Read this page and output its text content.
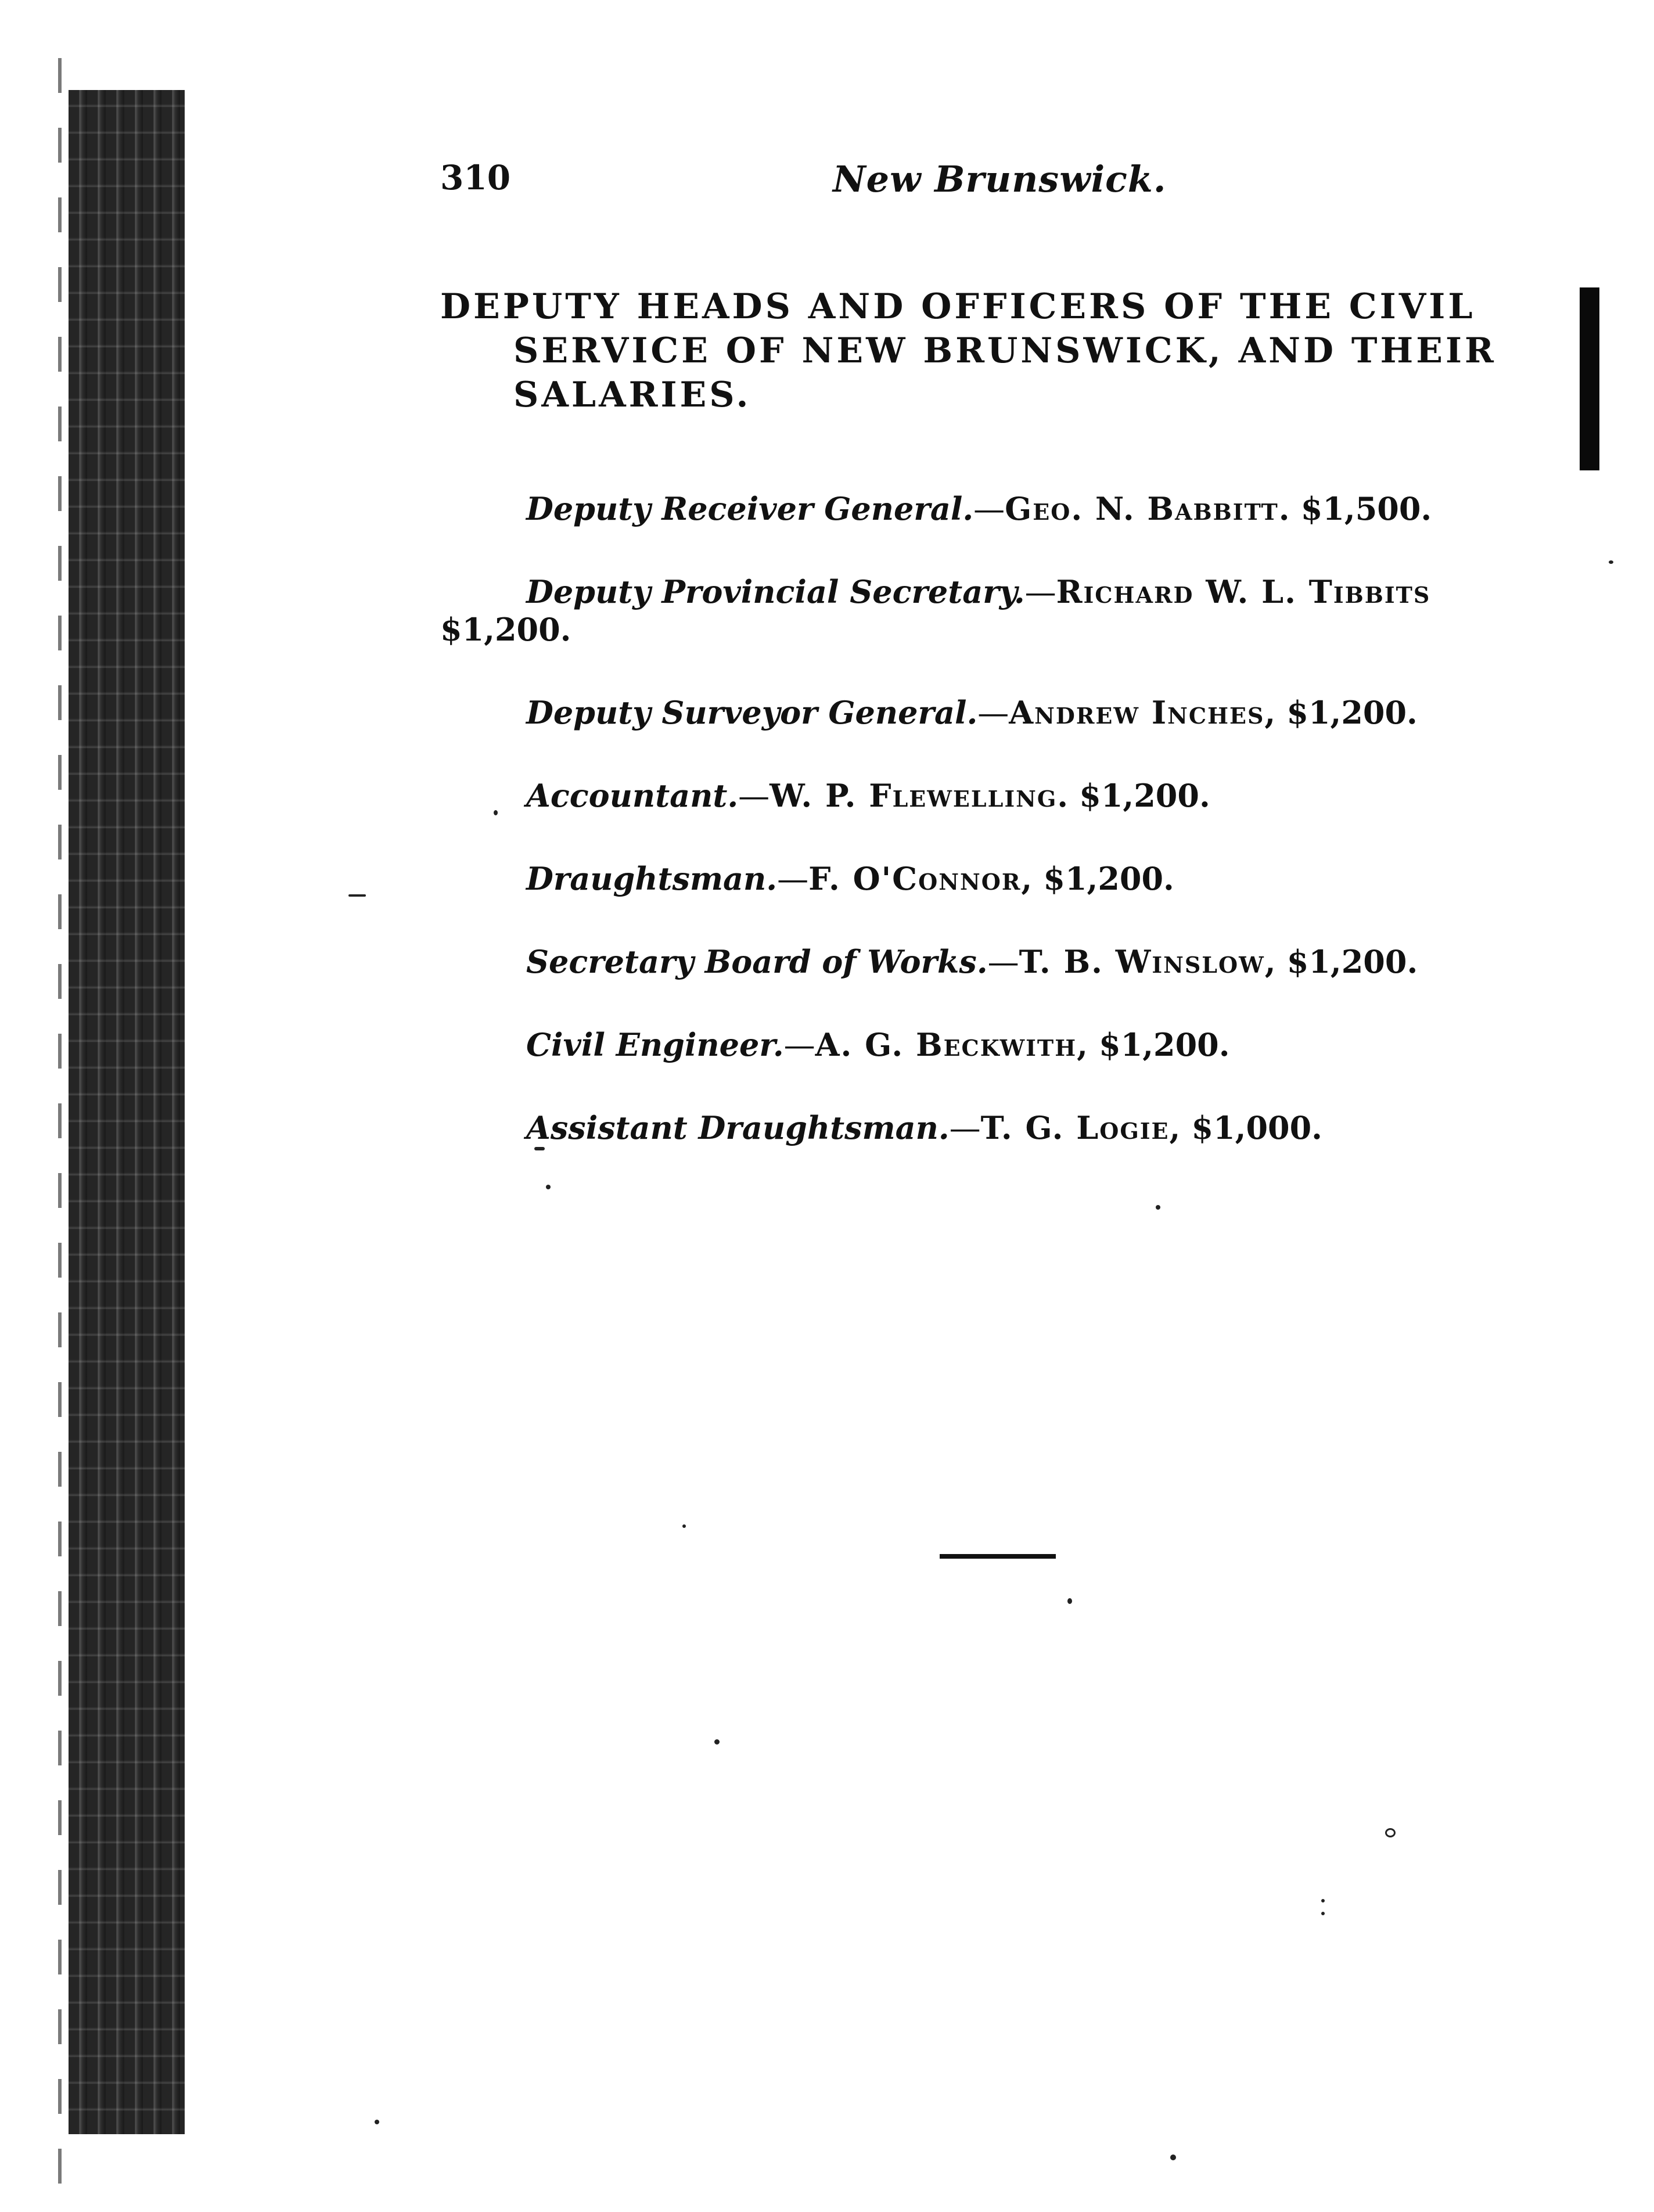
310	New Brunswick.
DEPUTY HEADS AND OFFICERS OF THE CIVIL
SERVICE OF NEW BRUNSWICK, AND THEIR
SALARIES.

Deputy Receiver General.—Geo. N. Babbitt. $1,500.

Deputy Provincial Secretary.—Richard W. L. Tibbits
$1,200.

Deputy Surveyor General.—Andrew Inches, $1,200.

Accountant.—W. P. Flewelling. $1,200.

Draughtsman.—F. O'Connor, $1,200.

Secretary Board of Works.—T. B. Winslow, $1,200.

Civil Engineer.—A. G. Beckwith, $1,200.

Assistant Draughtsman.—T. G. Logie, $1,000.
